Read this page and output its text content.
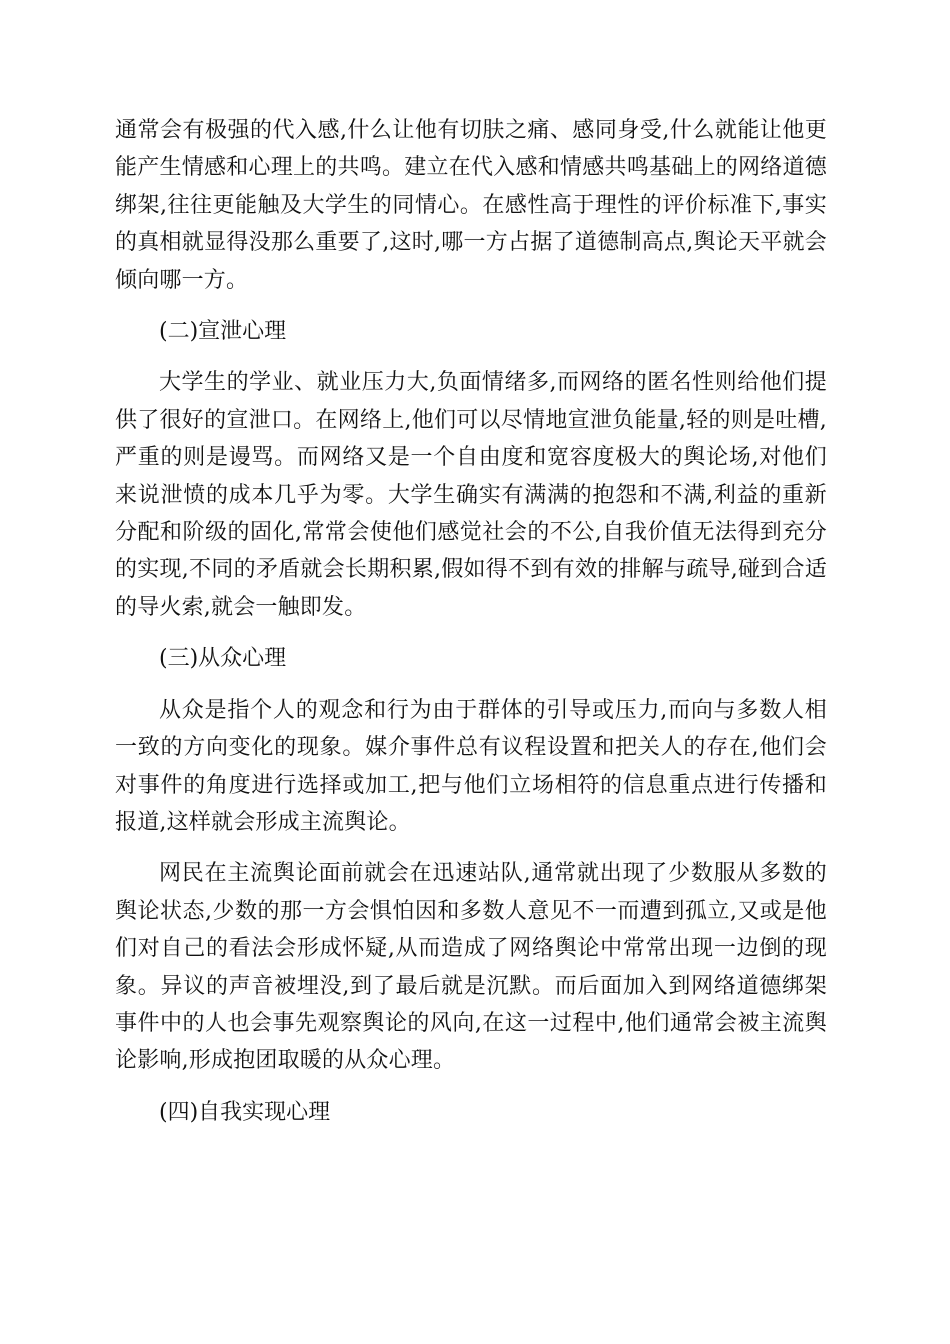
通常会有极强的代入感,什么让他有切肤之痛、感同身受,什么就能让他更能产生情感和心理上的共鸣。建立在代入感和情感共鸣基础上的网络道德绑架,往往更能触及大学生的同情心。在感性高于理性的评价标准下,事实的真相就显得没那么重要了,这时,哪一方占据了道德制高点,舆论天平就会倾向哪一方。

(二)宣泄心理

大学生的学业、就业压力大,负面情绪多,而网络的匿名性则给他们提供了很好的宣泄口。在网络上,他们可以尽情地宣泄负能量,轻的则是吐槽,严重的则是谩骂。而网络又是一个自由度和宽容度极大的舆论场,对他们来说泄愤的成本几乎为零。大学生确实有满满的抱怨和不满,利益的重新分配和阶级的固化,常常会使他们感觉社会的不公,自我价值无法得到充分的实现,不同的矛盾就会长期积累,假如得不到有效的排解与疏导,碰到合适的导火索,就会一触即发。

(三)从众心理

从众是指个人的观念和行为由于群体的引导或压力,而向与多数人相一致的方向变化的现象。媒介事件总有议程设置和把关人的存在,他们会对事件的角度进行选择或加工,把与他们立场相符的信息重点进行传播和报道,这样就会形成主流舆论。

网民在主流舆论面前就会在迅速站队,通常就出现了少数服从多数的舆论状态,少数的那一方会惧怕因和多数人意见不一而遭到孤立,又或是他们对自己的看法会形成怀疑,从而造成了网络舆论中常常出现一边倒的现象。异议的声音被埋没,到了最后就是沉默。而后面加入到网络道德绑架事件中的人也会事先观察舆论的风向,在这一过程中,他们通常会被主流舆论影响,形成抱团取暖的从众心理。

(四)自我实现心理
